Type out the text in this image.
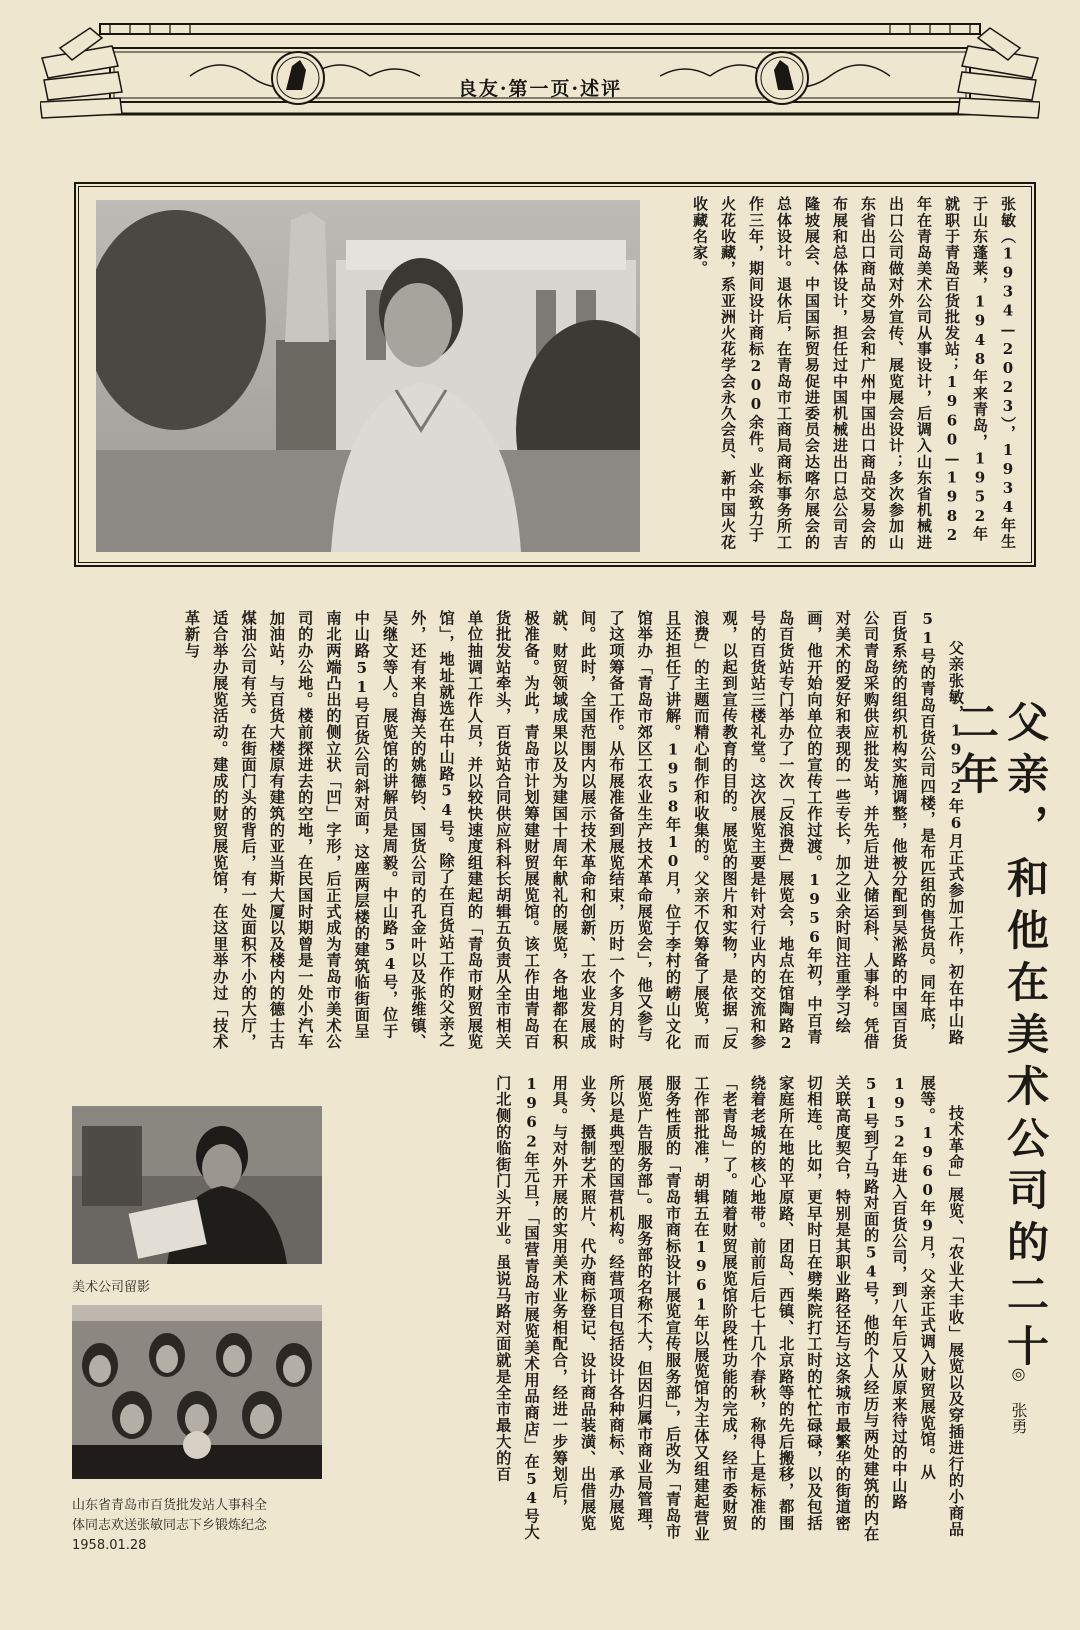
良友·第一页·述评
张敏（1934—2023），1934年生于山东蓬莱，1948年来青岛，1952年就职于青岛百货批发站；1960—1982年在青岛美术公司从事设计，后调入山东省机械进出口公司做对外宣传、展览展会设计；多次参加山东省出口商品交易会和广州中国出口商品交易会的布展和总体设计，担任过中国机械进出口总公司吉隆坡展会、中国国际贸易促进委员会达喀尔展会的总体设计。退休后，在青岛市工商局商标事务所工作三年，期间设计商标200余件。业余致力于火花收藏，系亚洲火花学会永久会员、新中国火花收藏名家。
父亲，和他在美术公司的二十二年
◎ 张勇

父亲张敏，1952年6月正式参加工作，初在中山路51号的青岛百货公司四楼，是布匹组的售货员。同年底，百货系统的组织机构实施调整，他被分配到吴淞路的中国百货公司青岛采购供应批发站，并先后进入储运科、人事科。凭借对美术的爱好和表现的一些专长，加之业余时间注重学习绘画，他开始向单位的宣传工作过渡。1956年初，中百青岛百货站专门举办了一次「反浪费」展览会，地点在馆陶路2号的百货站三楼礼堂。这次展览主要是针对行业内的交流和参观，以起到宣传教育的目的。展览的图片和实物，是依据「反浪费」的主题而精心制作和收集的。父亲不仅筹备了展览，而且还担任了讲解。1958年10月，位于李村的崂山文化馆举办「青岛市郊区工农业生产技术革命展览会」，他又参与了这项筹备工作。从布展准备到展览结束，历时一个多月的时间。此时，全国范围内以展示技术革命和创新、工农业发展成就、财贸领域成果以及为建国十周年献礼的展览，各地都在积极准备。为此，青岛市计划筹建财贸展览馆。该工作由青岛百货批发站牵头，百货站合同供应科科长胡辑五负责从全市相关单位抽调工作人员，并以较快速度组建起的「青岛市财贸展览馆」，地址就选在中山路54号。除了在百货站工作的父亲之外，还有来自海关的姚德钧、国货公司的孔金叶以及张维镇、吴继文等人。展览馆的讲解员是周毅。中山路54号，位于中山路51号百货公司斜对面，这座两层楼的建筑临街面呈南北两端凸出的侧立状「凹」字形，后正式成为青岛市美术公司的办公地。楼前探进去的空地，在民国时期曾是一处小汽车加油站，与百货大楼原有建筑的亚当斯大厦以及楼内的德士古煤油公司有关。在街面门头的背后，有一处面积不小的大厅，适合举办展览活动。建成的财贸展览馆，在这里举办过「技术革新与

技术革命」展览、「农业大丰收」展览以及穿插进行的小商品展等。1960年9月，父亲正式调入财贸展览馆。从1952年进入百货公司，到八年后又从原来待过的中山路51号到了马路对面的54号，他的个人经历与两处建筑的内在关联高度契合，特别是其职业路径还与这条城市最繁华的街道密切相连。比如，更早时日在劈柴院打工时的忙忙碌碌，以及包括家庭所在地的平原路、团岛、西镇、北京路等的先后搬移，都围绕着老城的核心地带。前前后后七十几个春秋，称得上是标准的「老青岛」了。随着财贸展览馆阶段性功能的完成，经市委财贸工作部批准，胡辑五在1961年以展览馆为主体又组建起营业服务性质的「青岛市商标设计展览宣传服务部」，后改为「青岛市展览广告服务部」。服务部的名称不大，但因归属市商业局管理，所以是典型的国营机构。经营项目包括设计各种商标、承办展览业务、摄制艺术照片、代办商标登记、设计商品装潢、出借展览用具。与对外开展的实用美术业务相配合，经进一步筹划后，1962年元旦，「国营青岛市展览美术用品商店」在54号大门北侧的临街门头开业。虽说马路对面就是全市最大的百

美术公司留影
山东省青岛市百货批发站人事科全
体同志欢送张敏同志下乡锻炼纪念
1958.01.28
